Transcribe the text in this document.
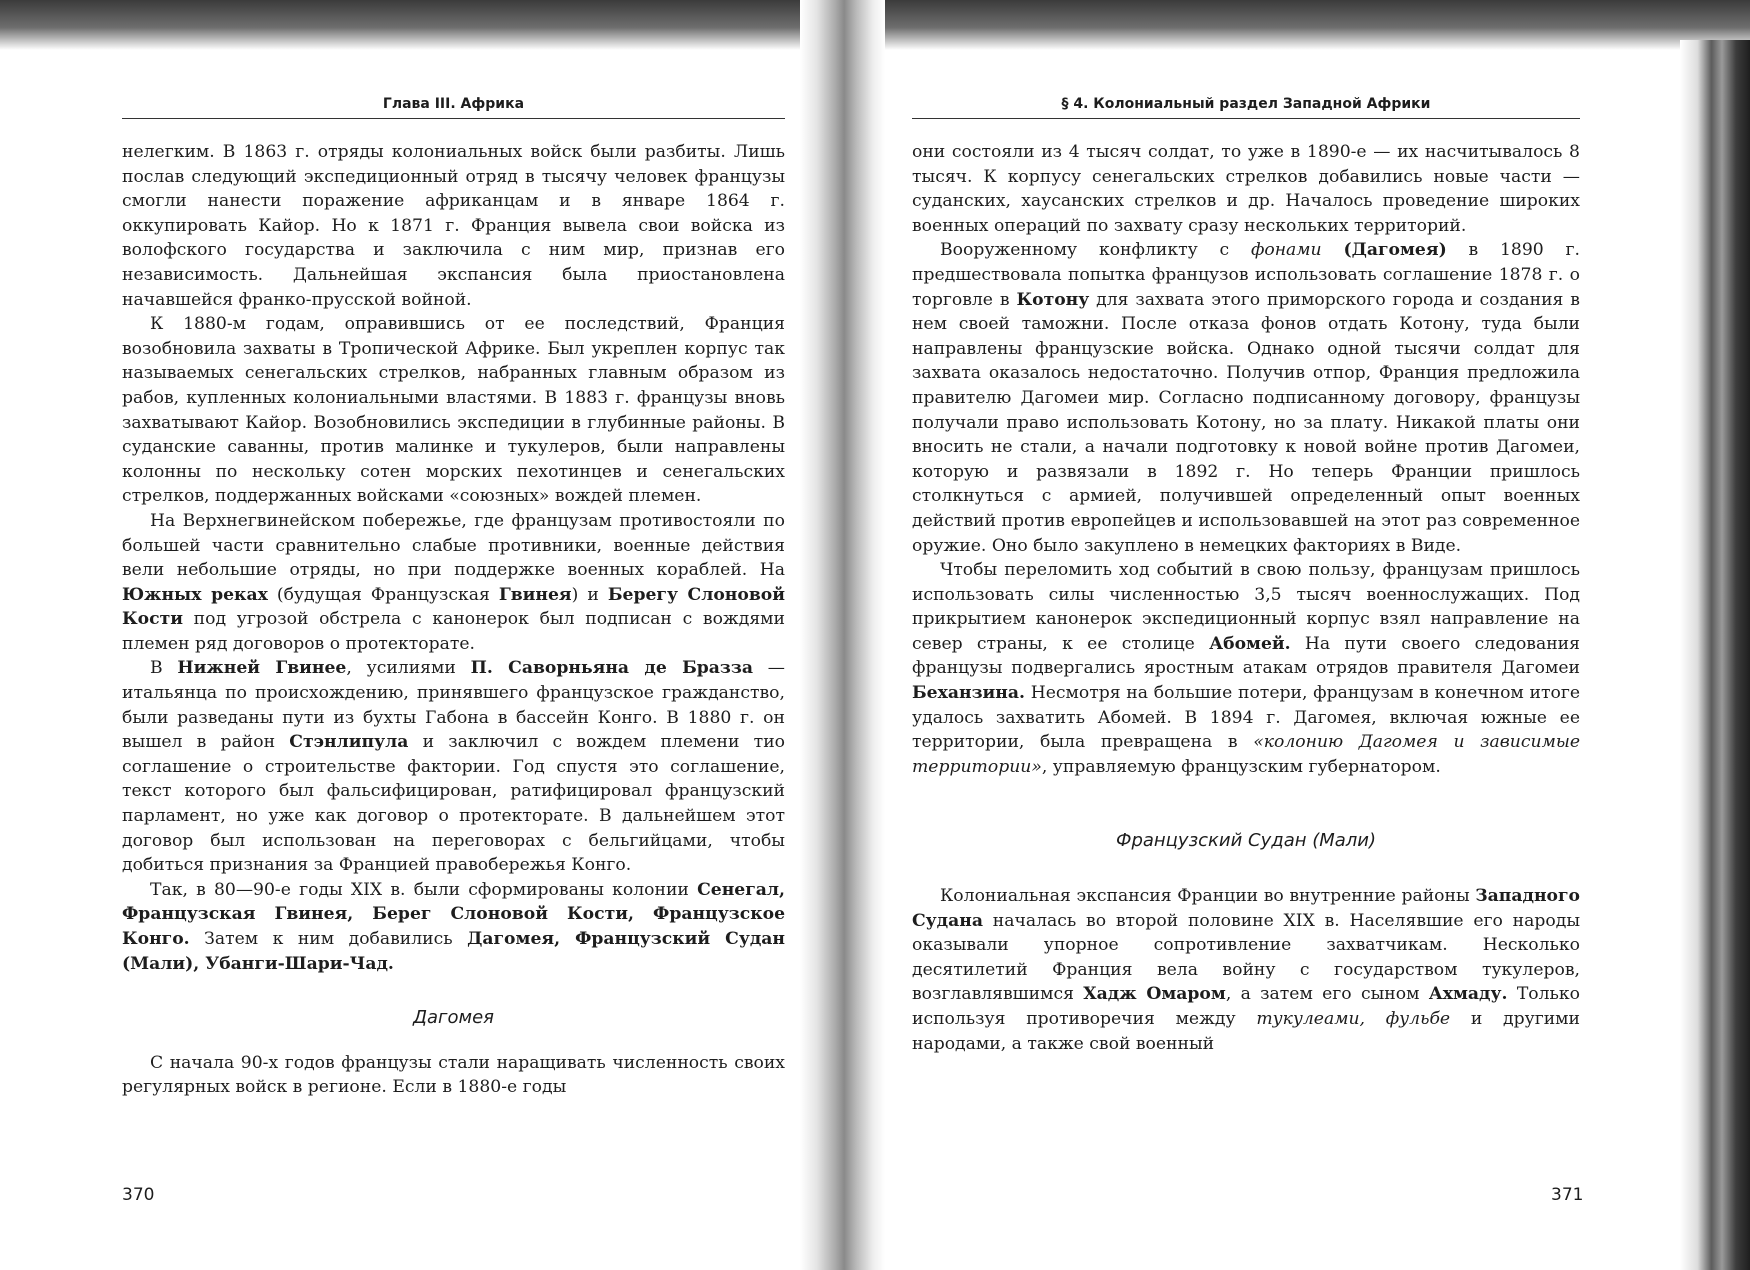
Глава III. Африка

нелегким. В 1863 г. отряды колониальных войск были разбиты. Лишь послав следующий экспедиционный отряд в тысячу человек французы смогли нанести поражение африканцам и в январе 1864 г. оккупировать Кайор. Но к 1871 г. Франция вывела свои войска из волофского государства и заключила с ним мир, признав его независимость. Дальнейшая экспансия была приостановлена начавшейся франко-прусской войной.

К 1880-м годам, оправившись от ее последствий, Франция возобновила захваты в Тропической Африке. Был укреплен корпус так называемых сенегальских стрелков, набранных главным образом из рабов, купленных колониальными властями. В 1883 г. французы вновь захватывают Кайор. Возобновились экспедиции в глубинные районы. В суданские саванны, против малинке и тукулеров, были направлены колонны по нескольку сотен морских пехотинцев и сенегальских стрелков, поддержанных войсками «союзных» вождей племен.

На Верхнегвинейском побережье, где французам противостояли по большей части сравнительно слабые противники, военные действия вели небольшие отряды, но при поддержке военных кораблей. На Южных реках (будущая Французская Гвинея) и Берегу Слоновой Кости под угрозой обстрела с канонерок был подписан с вождями племен ряд договоров о протекторате.

В Нижней Гвинее, усилиями П. Саворньяна де Браззa — итальянца по происхождению, принявшего французское гражданство, были разведаны пути из бухты Габона в бассейн Конго. В 1880 г. он вышел в район Стэнлипула и заключил с вождем племени тио соглашение о строительстве фактории. Год спустя это соглашение, текст которого был фальсифицирован, ратифицировал французский парламент, но уже как договор о протекторате. В дальнейшем этот договор был использован на переговорах с бельгийцами, чтобы добиться признания за Францией правобережья Конго.

Так, в 80—90-е годы XIX в. были сформированы колонии Сенегал, Французская Гвинея, Берег Слоновой Кости, Французское Конго. Затем к ним добавились Дагомея, Французский Судан (Мали), Убанги-Шари-Чад.

Дагомея

С начала 90-х годов французы стали наращивать численность своих регулярных войск в регионе. Если в 1880-е годы

370
§ 4. Колониальный раздел Западной Африки

они состояли из 4 тысяч солдат, то уже в 1890-е — их насчитывалось 8 тысяч. К корпусу сенегальских стрелков добавились новые части — суданских, хаусанских стрелков и др. Началось проведение широких военных операций по захвату сразу нескольких территорий.

Вооруженному конфликту с фонами (Дагомея) в 1890 г. предшествовала попытка французов использовать соглашение 1878 г. о торговле в Котону для захвата этого приморского города и создания в нем своей таможни. После отказа фонов отдать Котону, туда были направлены французские войска. Однако одной тысячи солдат для захвата оказалось недостаточно. Получив отпор, Франция предложила правителю Дагомеи мир. Согласно подписанному договору, французы получали право использовать Котону, но за плату. Никакой платы они вносить не стали, а начали подготовку к новой войне против Дагомеи, которую и развязали в 1892 г. Но теперь Франции пришлось столкнуться с армией, получившей определенный опыт военных действий против европейцев и использовавшей на этот раз современное оружие. Оно было закуплено в немецких факториях в Виде.

Чтобы переломить ход событий в свою пользу, французам пришлось использовать силы численностью 3,5 тысяч военнослужащих. Под прикрытием канонерок экспедиционный корпус взял направление на север страны, к ее столице Абомей. На пути своего следования французы подвергались яростным атакам отрядов правителя Дагомеи Беханзина. Несмотря на большие потери, французам в конечном итоге удалось захватить Абомей. В 1894 г. Дагомея, включая южные ее территории, была превращена в «колонию Дагомея и зависимые территории», управляемую французским губернатором.

Французский Судан (Мали)

Колониальная экспансия Франции во внутренние районы Западного Судана началась во второй половине XIX в. Населявшие его народы оказывали упорное сопротивление захватчикам. Несколько десятилетий Франция вела войну с государством тукулеров, возглавлявшимся Хадж Омаром, а затем его сыном Ахмаду. Только используя противоречия между тукулеами, фульбе и другими народами, а также свой военный

371
